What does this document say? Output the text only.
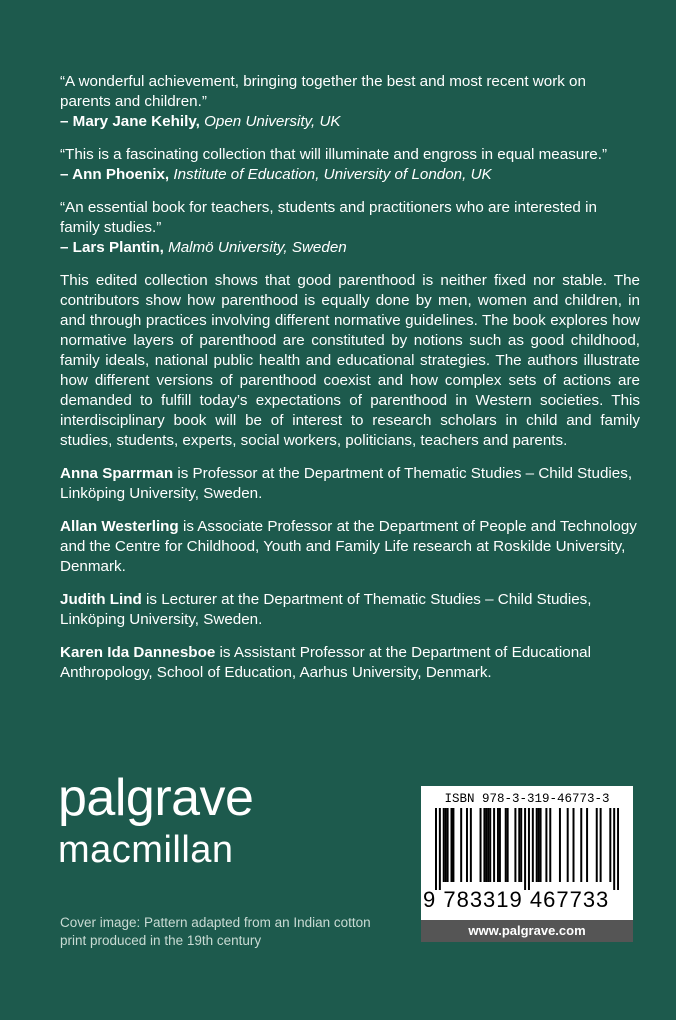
“A wonderful achievement, bringing together the best and most recent work on parents and children.”
– Mary Jane Kehily, Open University, UK
“This is a fascinating collection that will illuminate and engross in equal measure.”
– Ann Phoenix, Institute of Education, University of London, UK
“An essential book for teachers, students and practitioners who are interested in family studies.”
– Lars Plantin, Malmö University, Sweden

This edited collection shows that good parenthood is neither fixed nor stable. The contributors show how parenthood is equally done by men, women and children, in and through practices involving different normative guidelines. The book explores how normative layers of parenthood are constituted by notions such as good childhood, family ideals, national public health and educational strategies. The authors illustrate how different versions of parenthood coexist and how complex sets of actions are demanded to fulfill today’s expectations of parenthood in Western societies. This interdisciplinary book will be of interest to research scholars in child and family studies, students, experts, social workers, politicians, teachers and parents.

Anna Sparrman is Professor at the Department of Thematic Studies – Child Studies, Linköping University, Sweden.

Allan Westerling is Associate Professor at the Department of People and Technology and the Centre for Childhood, Youth and Family Life research at Roskilde University, Denmark.

Judith Lind is Lecturer at the Department of Thematic Studies – Child Studies, Linköping University, Sweden.

Karen Ida Dannesboe is Assistant Professor at the Department of Educational Anthropology, School of Education, Aarhus University, Denmark.

palgrave
macmillan
Cover image: Pattern adapted from an Indian cotton print produced in the 19th century
ISBN 978-3-319-46773-3
9 783319 467733
www.palgrave.com
